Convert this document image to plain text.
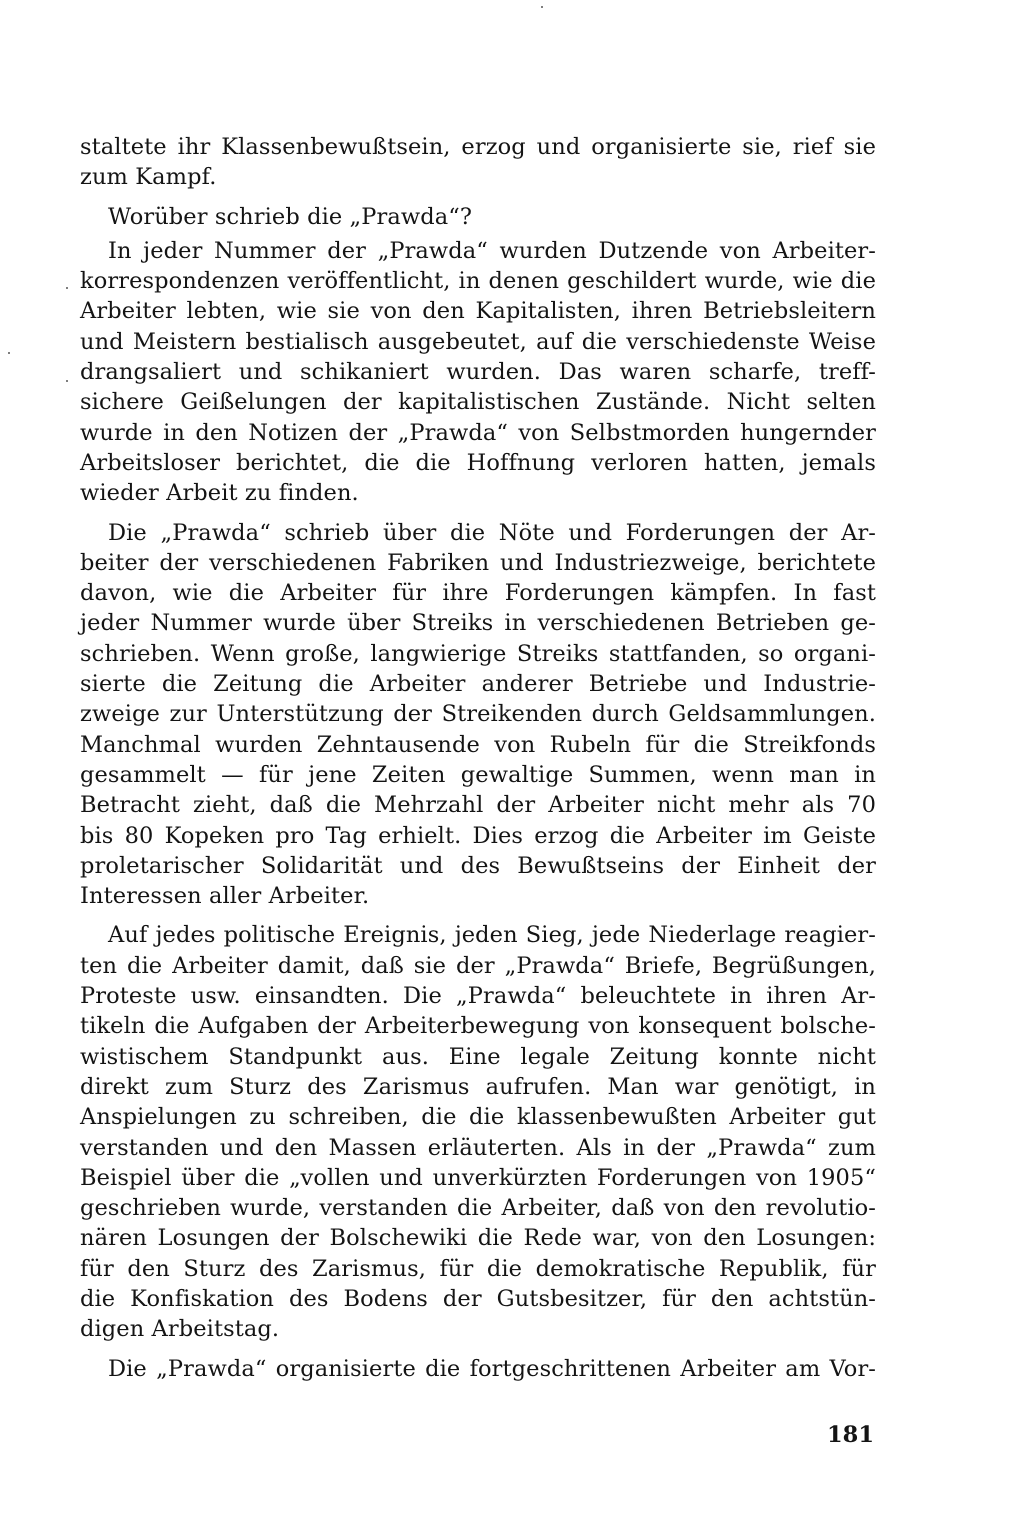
staltete ihr Klassenbewußtsein, erzog und organisierte sie, rief sie
zum Kampf.
Worüber schrieb die „Prawda“?
In jeder Nummer der „Prawda“ wurden Dutzende von Arbeiter-
korrespondenzen veröffentlicht, in denen geschildert wurde, wie die
Arbeiter lebten, wie sie von den Kapitalisten, ihren Betriebsleitern
und Meistern bestialisch ausgebeutet, auf die verschiedenste Weise
drangsaliert und schikaniert wurden. Das waren scharfe, treff-
sichere Geißelungen der kapitalistischen Zustände. Nicht selten
wurde in den Notizen der „Prawda“ von Selbstmorden hungernder
Arbeitsloser berichtet, die die Hoffnung verloren hatten, jemals
wieder Arbeit zu finden.
Die „Prawda“ schrieb über die Nöte und Forderungen der Ar-
beiter der verschiedenen Fabriken und Industriezweige, berichtete
davon, wie die Arbeiter für ihre Forderungen kämpfen. In fast
jeder Nummer wurde über Streiks in verschiedenen Betrieben ge-
schrieben. Wenn große, langwierige Streiks stattfanden, so organi-
sierte die Zeitung die Arbeiter anderer Betriebe und Industrie-
zweige zur Unterstützung der Streikenden durch Geldsammlungen.
Manchmal wurden Zehntausende von Rubeln für die Streikfonds
gesammelt — für jene Zeiten gewaltige Summen, wenn man in
Betracht zieht, daß die Mehrzahl der Arbeiter nicht mehr als 70
bis 80 Kopeken pro Tag erhielt. Dies erzog die Arbeiter im Geiste
proletarischer Solidarität und des Bewußtseins der Einheit der
Interessen aller Arbeiter.
Auf jedes politische Ereignis, jeden Sieg, jede Niederlage reagier-
ten die Arbeiter damit, daß sie der „Prawda“ Briefe, Begrüßungen,
Proteste usw. einsandten. Die „Prawda“ beleuchtete in ihren Ar-
tikeln die Aufgaben der Arbeiterbewegung von konsequent bolsche-
wistischem Standpunkt aus. Eine legale Zeitung konnte nicht
direkt zum Sturz des Zarismus aufrufen. Man war genötigt, in
Anspielungen zu schreiben, die die klassenbewußten Arbeiter gut
verstanden und den Massen erläuterten. Als in der „Prawda“ zum
Beispiel über die „vollen und unverkürzten Forderungen von 1905“
geschrieben wurde, verstanden die Arbeiter, daß von den revolutio-
nären Losungen der Bolschewiki die Rede war, von den Losungen:
für den Sturz des Zarismus, für die demokratische Republik, für
die Konfiskation des Bodens der Gutsbesitzer, für den achtstün-
digen Arbeitstag.
Die „Prawda“ organisierte die fortgeschrittenen Arbeiter am Vor-
181
